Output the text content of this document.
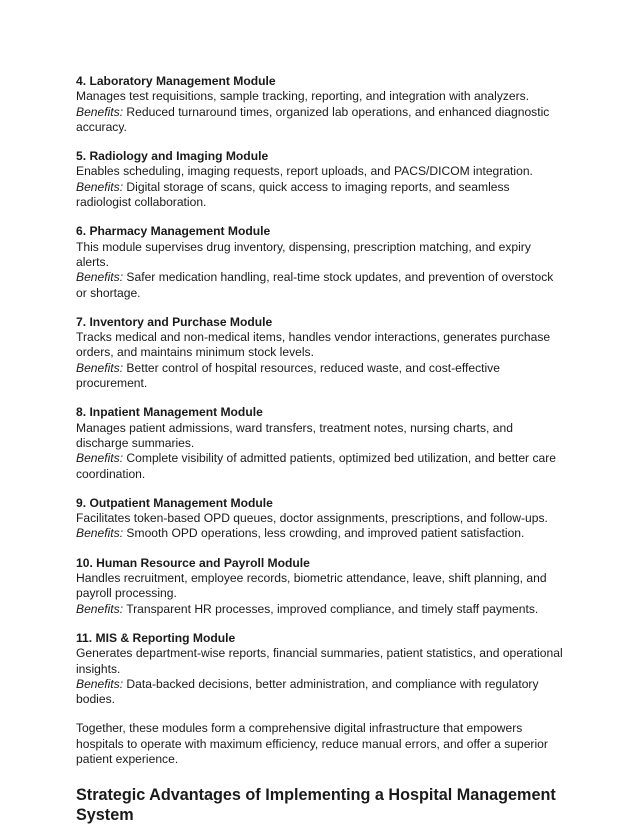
4. Laboratory Management Module

Manages test requisitions, sample tracking, reporting, and integration with analyzers.

Benefits: Reduced turnaround times, organized lab operations, and enhanced diagnostic accuracy.

5. Radiology and Imaging Module

Enables scheduling, imaging requests, report uploads, and PACS/DICOM integration.

Benefits: Digital storage of scans, quick access to imaging reports, and seamless radiologist collaboration.

6. Pharmacy Management Module

This module supervises drug inventory, dispensing, prescription matching, and expiry alerts.

Benefits: Safer medication handling, real-time stock updates, and prevention of overstock or shortage.

7. Inventory and Purchase Module

Tracks medical and non-medical items, handles vendor interactions, generates purchase orders, and maintains minimum stock levels.

Benefits: Better control of hospital resources, reduced waste, and cost-effective procurement.

8. Inpatient Management Module

Manages patient admissions, ward transfers, treatment notes, nursing charts, and discharge summaries.

Benefits: Complete visibility of admitted patients, optimized bed utilization, and better care coordination.

9. Outpatient Management Module

Facilitates token-based OPD queues, doctor assignments, prescriptions, and follow-ups.

Benefits: Smooth OPD operations, less crowding, and improved patient satisfaction.

10. Human Resource and Payroll Module

Handles recruitment, employee records, biometric attendance, leave, shift planning, and payroll processing.

Benefits: Transparent HR processes, improved compliance, and timely staff payments.

11. MIS & Reporting Module

Generates department-wise reports, financial summaries, patient statistics, and operational insights.

Benefits: Data-backed decisions, better administration, and compliance with regulatory bodies.

Together, these modules form a comprehensive digital infrastructure that empowers hospitals to operate with maximum efficiency, reduce manual errors, and offer a superior patient experience.

Strategic Advantages of Implementing a Hospital Management System
